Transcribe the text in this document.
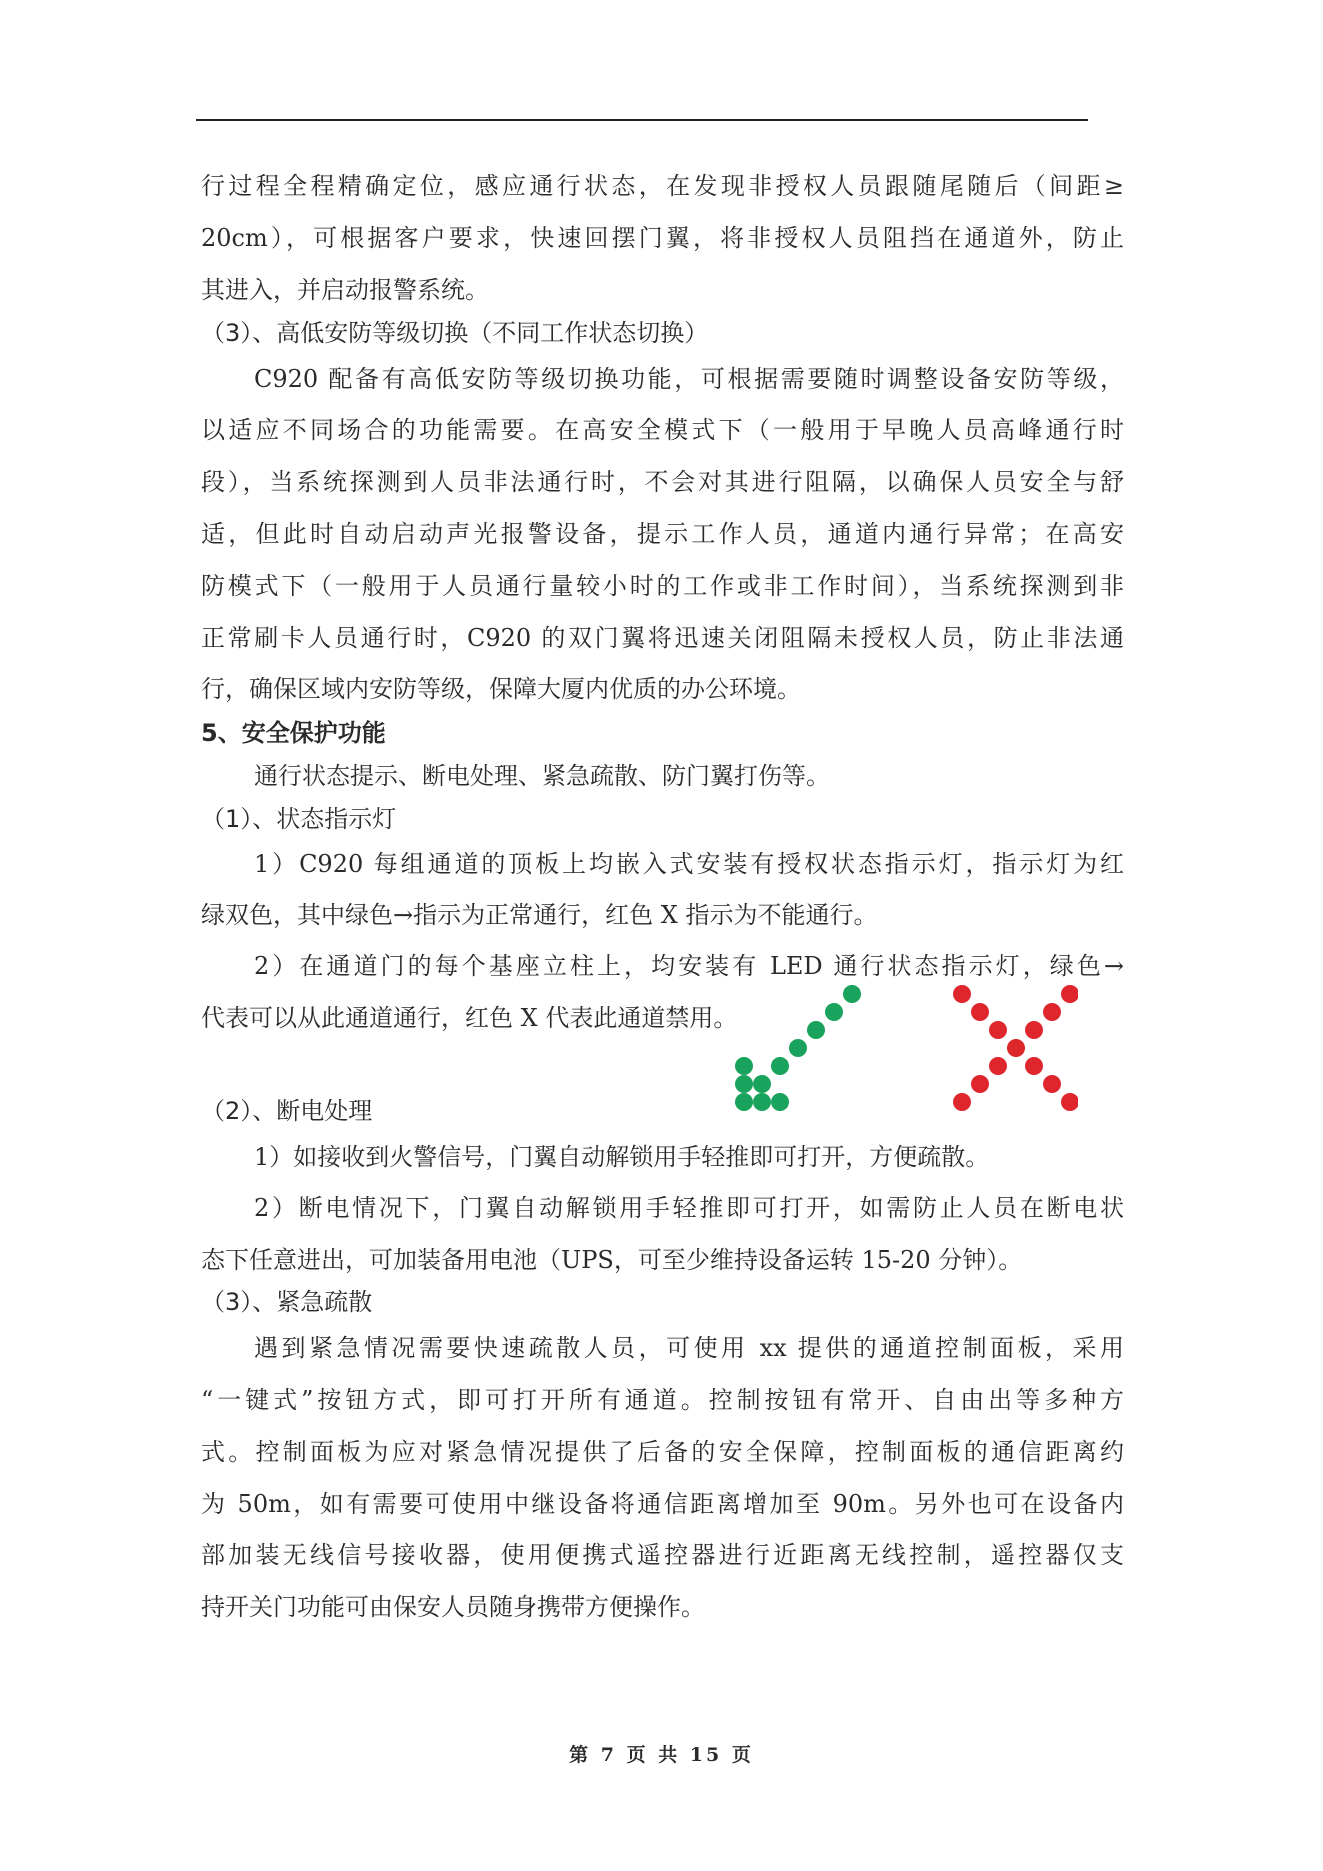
行过程全程精确定位，感应通行状态，在发现非授权人员跟随尾随后（间距≥
20cm），可根据客户要求，快速回摆门翼，将非授权人员阻挡在通道外，防止
其进入，并启动报警系统。
（3）、高低安防等级切换（不同工作状态切换）
C920 配备有高低安防等级切换功能，可根据需要随时调整设备安防等级，
以适应不同场合的功能需要。在高安全模式下（一般用于早晚人员高峰通行时
段），当系统探测到人员非法通行时，不会对其进行阻隔，以确保人员安全与舒
适，但此时自动启动声光报警设备，提示工作人员，通道内通行异常；在高安
防模式下（一般用于人员通行量较小时的工作或非工作时间），当系统探测到非
正常刷卡人员通行时，C920 的双门翼将迅速关闭阻隔未授权人员，防止非法通
行，确保区域内安防等级，保障大厦内优质的办公环境。
5、安全保护功能
通行状态提示、断电处理、紧急疏散、防门翼打伤等。
（1）、状态指示灯
1）C920 每组通道的顶板上均嵌入式安装有授权状态指示灯，指示灯为红
绿双色，其中绿色→指示为正常通行，红色 X 指示为不能通行。
2）在通道门的每个基座立柱上，均安装有 LED 通行状态指示灯，绿色→
代表可以从此通道通行，红色 X 代表此通道禁用。
（2）、断电处理
1）如接收到火警信号，门翼自动解锁用手轻推即可打开，方便疏散。
2）断电情况下，门翼自动解锁用手轻推即可打开，如需防止人员在断电状
态下任意进出，可加装备用电池（UPS，可至少维持设备运转 15-20 分钟）。
（3）、紧急疏散
遇到紧急情况需要快速疏散人员，可使用 xx 提供的通道控制面板，采用
“一键式”按钮方式，即可打开所有通道。控制按钮有常开、自由出等多种方
式。控制面板为应对紧急情况提供了后备的安全保障，控制面板的通信距离约
为 50m，如有需要可使用中继设备将通信距离增加至 90m。另外也可在设备内
部加装无线信号接收器，使用便携式遥控器进行近距离无线控制，遥控器仅支
持开关门功能可由保安人员随身携带方便操作。
第 7 页 共 15 页
